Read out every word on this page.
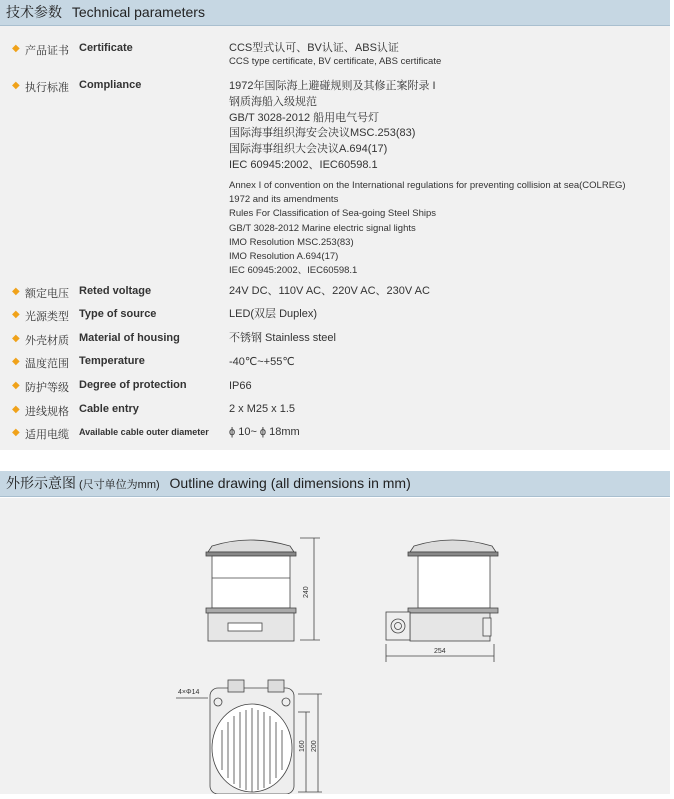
技术参数 Technical parameters
◆ 产品证书 Certificate	CCS型式认可、BV认证、ABS认证
CCS type certificate, BV certificate, ABS certificate
◆ 执行标准 Compliance	1972年国际海上避碰规则及其修正案附录 I
钢质海船入级规范
GB/T 3028-2012 船用电气号灯
国际海事组织海安会决议MSC.253(83)
国际海事组织大会决议A.694(17)
IEC 60945:2002、IEC60598.1
Annex I of convention on the International regulations for preventing collision at sea(COLREG)
1972 and its amendments
Rules For Classification of Sea-going Steel Ships
GB/T 3028-2012 Marine electric signal lights
IMO Resolution MSC.253(83)
IMO Resolution A.694(17)
IEC 60945:2002、IEC60598.1
◆ 额定电压 Reted voltage	24V DC、110V AC、220V AC、230V AC
◆ 光源类型 Type of source	LED(双层 Duplex)
◆ 外壳材质 Material of housing	不锈钢 Stainless steel
◆ 温度范围 Temperature	-40℃~+55℃
◆ 防护等级 Degree of protection	IP66
◆ 进线规格 Cable entry	2 x M25 x 1.5
◆ 适用电缆 Available cable outer diameter ϕ 10~ ϕ 18mm
外形示意图 (尺寸单位为mm) Outline drawing (all dimensions in mm)
240
254
4×Φ14
160 200
